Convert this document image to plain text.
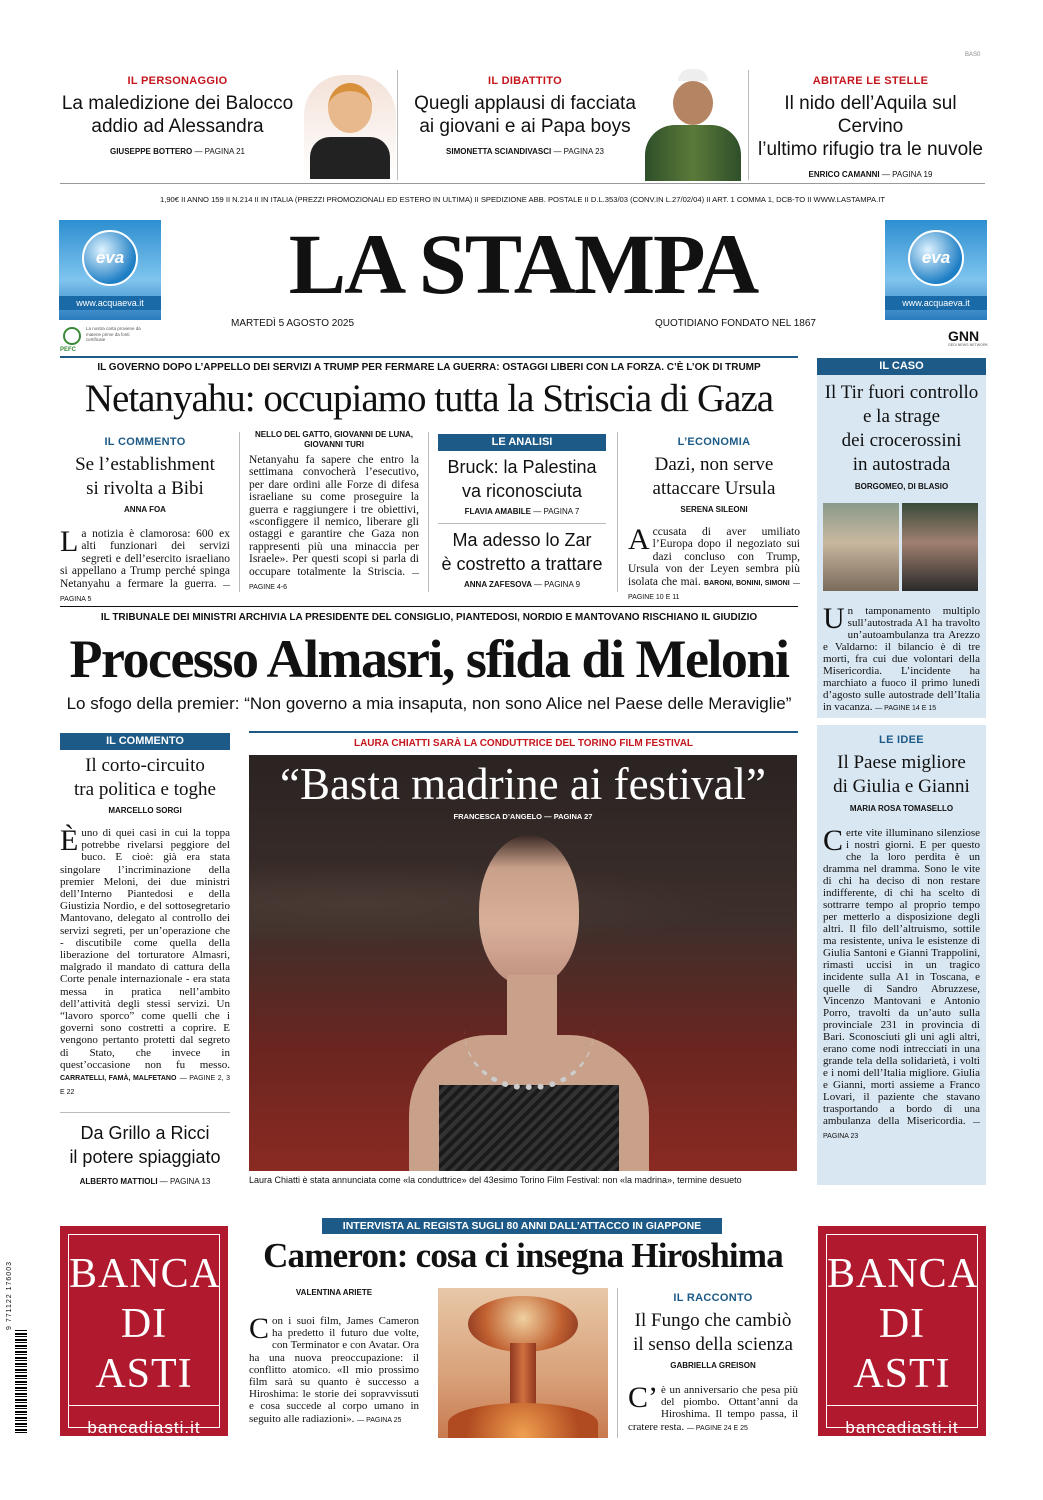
BAS0
IL PERSONAGGIO
La maledizione dei Balocco
addio ad Alessandra
GIUSEPPE BOTTERO — PAGINA 21
IL DIBATTITO
Quegli applausi di facciata
ai giovani e ai Papa boys
SIMONETTA SCIANDIVASCI — PAGINA 23
ABITARE LE STELLE
Il nido dell’Aquila sul Cervino
l’ultimo rifugio tra le nuvole
ENRICO CAMANNI — PAGINA 19
1,90€ II ANNO 159 II N.214 II IN ITALIA (PREZZI PROMOZIONALI ED ESTERO IN ULTIMA) II SPEDIZIONE ABB. POSTALE II D.L.353/03 (CONV.IN L.27/02/04) II ART. 1 COMMA 1, DCB-TO II WWW.LASTAMPA.IT
eva
www.acquaeva.it
PEFC
La nostra carta proviene da materie prime da fonti certificate
LA STAMPA
MARTEDÌ 5 AGOSTO 2025	QUOTIDIANO FONDATO NEL 1867
eva
www.acquaeva.it
GNN
GEDI NEWS NETWORK
IL GOVERNO DOPO L’APPELLO DEI SERVIZI A TRUMP PER FERMARE LA GUERRA: OSTAGGI LIBERI CON LA FORZA. C’È L’OK DI TRUMP
Netanyahu: occupiamo tutta la Striscia di Gaza
IL COMMENTO
Se l’establishment
si rivolta a Bibi
ANNA FOA
La notizia è clamorosa: 600 ex alti funzionari dei servizi segreti e dell’esercito israeliano si appellano a Trump perché spinga Netanyahu a fermare la guerra. — PAGINA 5
NELLO DEL GATTO, GIOVANNI DE LUNA, GIOVANNI TURI
Netanyahu fa sapere che entro la settimana convocherà l’esecutivo, per dare ordini alle Forze di difesa israeliane su come proseguire la guerra e raggiungere i tre obiettivi, «sconfiggere il nemico, liberare gli ostaggi e garantire che Gaza non rappresenti più una minaccia per Israele». Per questi scopi si parla di occupare totalmente la Striscia. — PAGINE 4-6
LE ANALISI
Bruck: la Palestina
va riconosciuta
FLAVIA AMABILE — PAGINA 7
Ma adesso lo Zar
è costretto a trattare
ANNA ZAFESOVA — PAGINA 9
L’ECONOMIA
Dazi, non serve
attaccare Ursula
SERENA SILEONI
Accusata di aver umiliato l’Europa dopo il negoziato sui dazi concluso con Trump, Ursula von der Leyen sembra più isolata che mai. BARONI, BONINI, SIMONI — PAGINE 10 E 11
IL CASO
Il Tir fuori controllo
e la strage
dei crocerossini
in autostrada
BORGOMEO, DI BLASIO
Un tamponamento multiplo sull’autostrada A1 ha travolto un’autoambulanza tra Arezzo e Valdarno: il bilancio è di tre morti, fra cui due volontari della Misericordia. L’incidente ha marchiato a fuoco il primo lunedì d’agosto sulle autostrade dell’Italia in vacanza. — PAGINE 14 E 15
LE IDEE
Il Paese migliore
di Giulia e Gianni
MARIA ROSA TOMASELLO
Certe vite illuminano silenziose i nostri giorni. E per questo che la loro perdita è un dramma nel dramma. Sono le vite di chi ha deciso di non restare indifferente, di chi ha scelto di sottrarre tempo al proprio tempo per metterlo a disposizione degli altri. Il filo dell’altruismo, sottile ma resistente, univa le esistenze di Giulia Santoni e Gianni Trappolini, rimasti uccisi in un tragico incidente sulla A1 in Toscana, e quelle di Sandro Abruzzese, Vincenzo Mantovani e Antonio Porro, travolti da un’auto sulla provinciale 231 in provincia di Bari. Sconosciuti gli uni agli altri, erano come nodi intrecciati in una grande tela della solidarietà, i volti e i nomi dell’Italia migliore. Giulia e Gianni, morti assieme a Franco Lovari, il paziente che stavano trasportando a bordo di una ambulanza della Misericordia. — PAGINA 23
IL TRIBUNALE DEI MINISTRI ARCHIVIA LA PRESIDENTE DEL CONSIGLIO, PIANTEDOSI, NORDIO E MANTOVANO RISCHIANO IL GIUDIZIO
Processo Almasri, sfida di Meloni
Lo sfogo della premier: “Non governo a mia insaputa, non sono Alice nel Paese delle Meraviglie”
IL COMMENTO
Il corto-circuito
tra politica e toghe
MARCELLO SORGI
Èuno di quei casi in cui la toppa potrebbe rivelarsi peggiore del buco. E cioè: già era stata singolare l’incriminazione della premier Meloni, dei due ministri dell’Interno Piantedosi e della Giustizia Nordio, e del sottosegretario Mantovano, delegato al controllo dei servizi segreti, per un’operazione che - discutibile come quella della liberazione del torturatore Almasri, malgrado il mandato di cattura della Corte penale internazionale - era stata messa in pratica nell’ambito dell’attività degli stessi servizi. Un “lavoro sporco” come quelli che i governi sono costretti a coprire. E vengono pertanto protetti dal segreto di Stato, che invece in quest’occasione non fu messo. CARRATELLI, FAMÀ, MALFETANO — PAGINE 2, 3 E 22
Da Grillo a Ricci
il potere spiaggiato
ALBERTO MATTIOLI — PAGINA 13
LAURA CHIATTI SARÀ LA CONDUTTRICE DEL TORINO FILM FESTIVAL
“Basta madrine ai festival”
FRANCESCA D’ANGELO — PAGINA 27
Laura Chiatti è stata annunciata come «la conduttrice» del 43esimo Torino Film Festival: non «la madrina», termine desueto
BANCA
DI ASTI
bancadiasti.it
BANCA
DI ASTI
bancadiasti.it
9 771122 176003
INTERVISTA AL REGISTA SUGLI 80 ANNI DALL’ATTACCO IN GIAPPONE
Cameron: cosa ci insegna Hiroshima
VALENTINA ARIETE
Con i suoi film, James Cameron ha predetto il futuro due volte, con Terminator e con Avatar. Ora ha una nuova preoccupazione: il conflitto atomico. «Il mio prossimo film sarà su quanto è successo a Hiroshima: le storie dei sopravvissuti e cosa succede al corpo umano in seguito alle radiazioni». — PAGINA 25
IL RACCONTO
Il Fungo che cambiò
il senso della scienza
GABRIELLA GREISON
C’è un anniversario che pesa più del piombo. Ottant’anni da Hiroshima. Il tempo passa, il cratere resta. — PAGINE 24 E 25
